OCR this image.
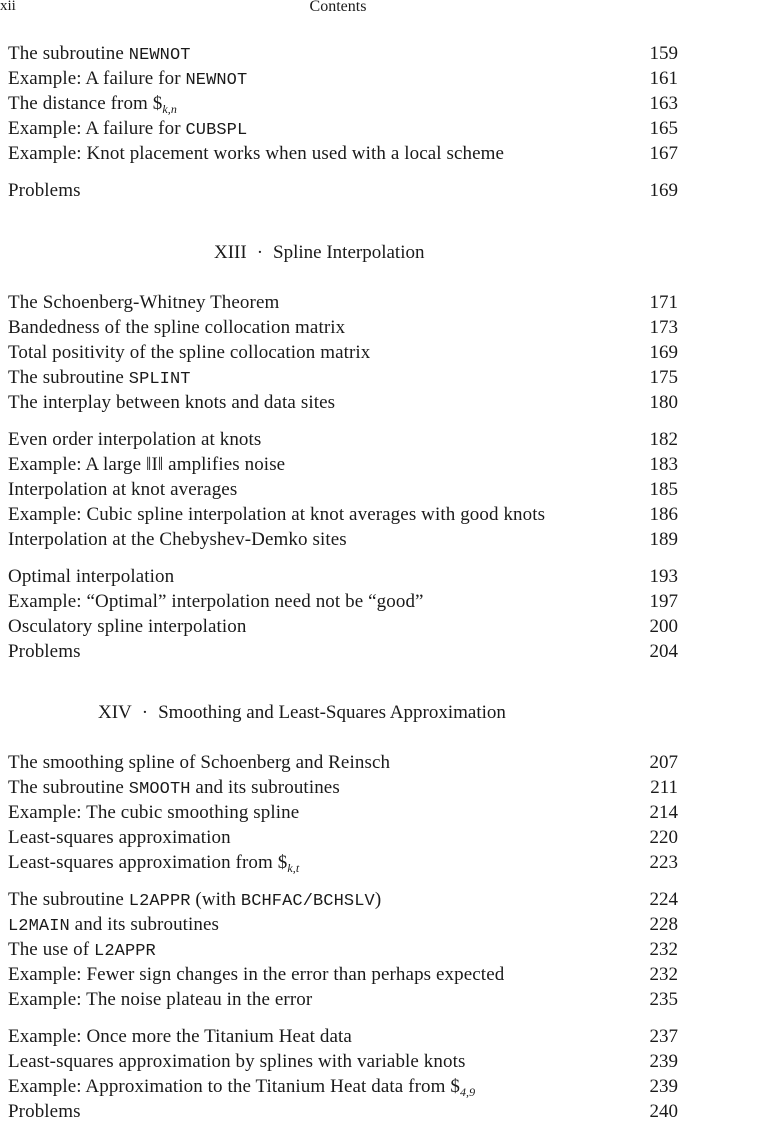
xii	Contents
The subroutine NEWNOT	159
Example: A failure for NEWNOT	161
The distance from $\$_{k,n}$	163
Example: A failure for CUBSPL	165
Example: Knot placement works when used with a local scheme	167
Problems	169
XIII · Spline Interpolation
The Schoenberg-Whitney Theorem	171
Bandedness of the spline collocation matrix	173
Total positivity of the spline collocation matrix	169
The subroutine SPLINT	175
The interplay between knots and data sites	180
Even order interpolation at knots	182
Example: A large ‖I‖ amplifies noise	183
Interpolation at knot averages	185
Example: Cubic spline interpolation at knot averages with good knots	186
Interpolation at the Chebyshev-Demko sites	189
Optimal interpolation	193
Example: “Optimal” interpolation need not be “good”	197
Osculatory spline interpolation	200
Problems	204
XIV · Smoothing and Least-Squares Approximation
The smoothing spline of Schoenberg and Reinsch	207
The subroutine SMOOTH and its subroutines	211
Example: The cubic smoothing spline	214
Least-squares approximation	220
Least-squares approximation from $\$_{k,t}$	223
The subroutine L2APPR (with BCHFAC/BCHSLV)	224
L2MAIN and its subroutines	228
The use of L2APPR	232
Example: Fewer sign changes in the error than perhaps expected	232
Example: The noise plateau in the error	235
Example: Once more the Titanium Heat data	237
Least-squares approximation by splines with variable knots	239
Example: Approximation to the Titanium Heat data from $\$_{4,9}$	239
Problems	240
